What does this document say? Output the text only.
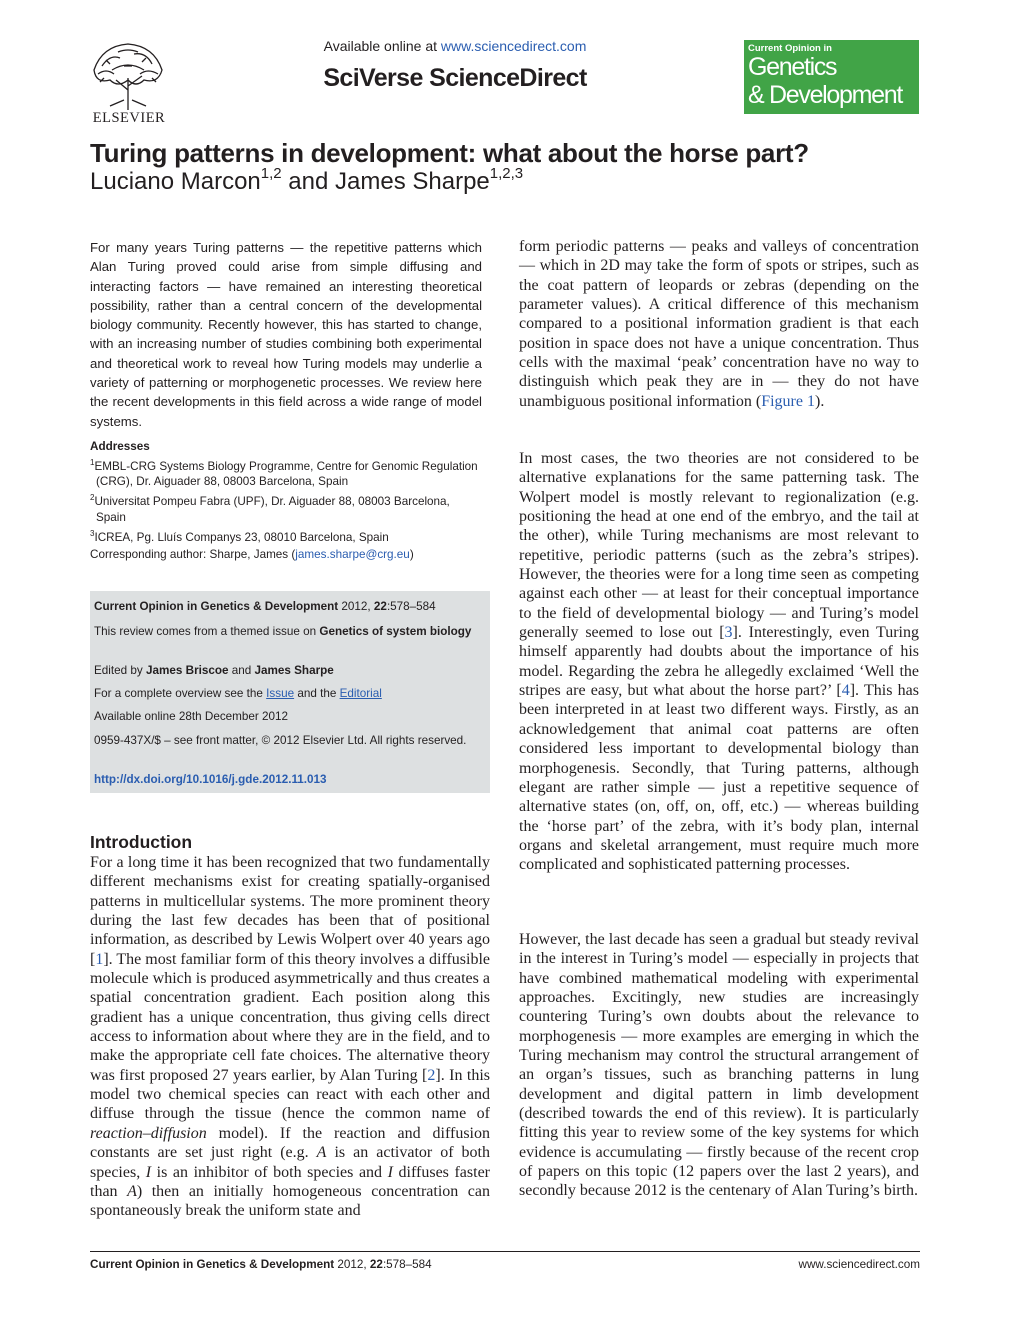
ELSEVIER
Available online at www.sciencedirect.com
SciVerse ScienceDirect
Current Opinion in
Genetics
& Development
Turing patterns in development: what about the horse part?
Luciano Marcon$^{1,2}$ and James Sharpe$^{1,2,3}$
For many years Turing patterns — the repetitive patterns which Alan Turing proved could arise from simple diffusing and interacting factors — have remained an interesting theoretical possibility, rather than a central concern of the developmental biology community. Recently however, this has started to change, with an increasing number of studies combining both experimental and theoretical work to reveal how Turing models may underlie a variety of patterning or morphogenetic processes. We review here the recent developments in this field across a wide range of model systems.
Addresses
$^1$EMBL-CRG Systems Biology Programme, Centre for Genomic Regulation (CRG), Dr. Aiguader 88, 08003 Barcelona, Spain
$^2$Universitat Pompeu Fabra (UPF), Dr. Aiguader 88, 08003 Barcelona, Spain
$^3$ICREA, Pg. Lluís Companys 23, 08010 Barcelona, Spain
Corresponding author: Sharpe, James (james.sharpe@crg.eu)
Current Opinion in Genetics & Development 2012, 22:578–584
This review comes from a themed issue on Genetics of system biology
Edited by James Briscoe and James Sharpe
For a complete overview see the Issue and the Editorial
Available online 28th December 2012
0959-437X/$ – see front matter, © 2012 Elsevier Ltd. All rights reserved.
http://dx.doi.org/10.1016/j.gde.2012.11.013
Introduction
For a long time it has been recognized that two fundamentally different mechanisms exist for creating spatially-organised patterns in multicellular systems. The more prominent theory during the last few decades has been that of positional information, as described by Lewis Wolpert over 40 years ago [1]. The most familiar form of this theory involves a diffusible molecule which is produced asymmetrically and thus creates a spatial concentration gradient. Each position along this gradient has a unique concentration, thus giving cells direct access to information about where they are in the field, and to make the appropriate cell fate choices. The alternative theory was first proposed 27 years earlier, by Alan Turing [2]. In this model two chemical species can react with each other and diffuse through the tissue (hence the common name of reaction–diffusion model). If the reaction and diffusion constants are set just right (e.g. A is an activator of both species, I is an inhibitor of both species and I diffuses faster than A) then an initially homogeneous concentration can spontaneously break the uniform state and
form periodic patterns — peaks and valleys of concentration — which in 2D may take the form of spots or stripes, such as the coat pattern of leopards or zebras (depending on the parameter values). A critical difference of this mechanism compared to a positional information gradient is that each position in space does not have a unique concentration. Thus cells with the maximal ‘peak’ concentration have no way to distinguish which peak they are in — they do not have unambiguous positional information (Figure 1).
In most cases, the two theories are not considered to be alternative explanations for the same patterning task. The Wolpert model is mostly relevant to regionalization (e.g. positioning the head at one end of the embryo, and the tail at the other), while Turing mechanisms are most relevant to repetitive, periodic patterns (such as the zebra’s stripes). However, the theories were for a long time seen as competing against each other — at least for their conceptual importance to the field of developmental biology — and Turing’s model generally seemed to lose out [3]. Interestingly, even Turing himself apparently had doubts about the importance of his model. Regarding the zebra he allegedly exclaimed ‘Well the stripes are easy, but what about the horse part?’ [4]. This has been interpreted in at least two different ways. Firstly, as an acknowledgement that animal coat patterns are often considered less important to developmental biology than morphogenesis. Secondly, that Turing patterns, although elegant are rather simple — just a repetitive sequence of alternative states (on, off, on, off, etc.) — whereas building the ‘horse part’ of the zebra, with it’s body plan, internal organs and skeletal arrangement, must require much more complicated and sophisticated patterning processes.
However, the last decade has seen a gradual but steady revival in the interest in Turing’s model — especially in projects that have combined mathematical modeling with experimental approaches. Excitingly, new studies are increasingly countering Turing’s own doubts about the relevance to morphogenesis — more examples are emerging in which the Turing mechanism may control the structural arrangement of an organ’s tissues, such as branching patterns in lung development and digital pattern in limb development (described towards the end of this review). It is particularly fitting this year to review some of the key systems for which evidence is accumulating — firstly because of the recent crop of papers on this topic (12 papers over the last 2 years), and secondly because 2012 is the centenary of Alan Turing’s birth.
Current Opinion in Genetics & Development 2012, 22:578–584	www.sciencedirect.com
